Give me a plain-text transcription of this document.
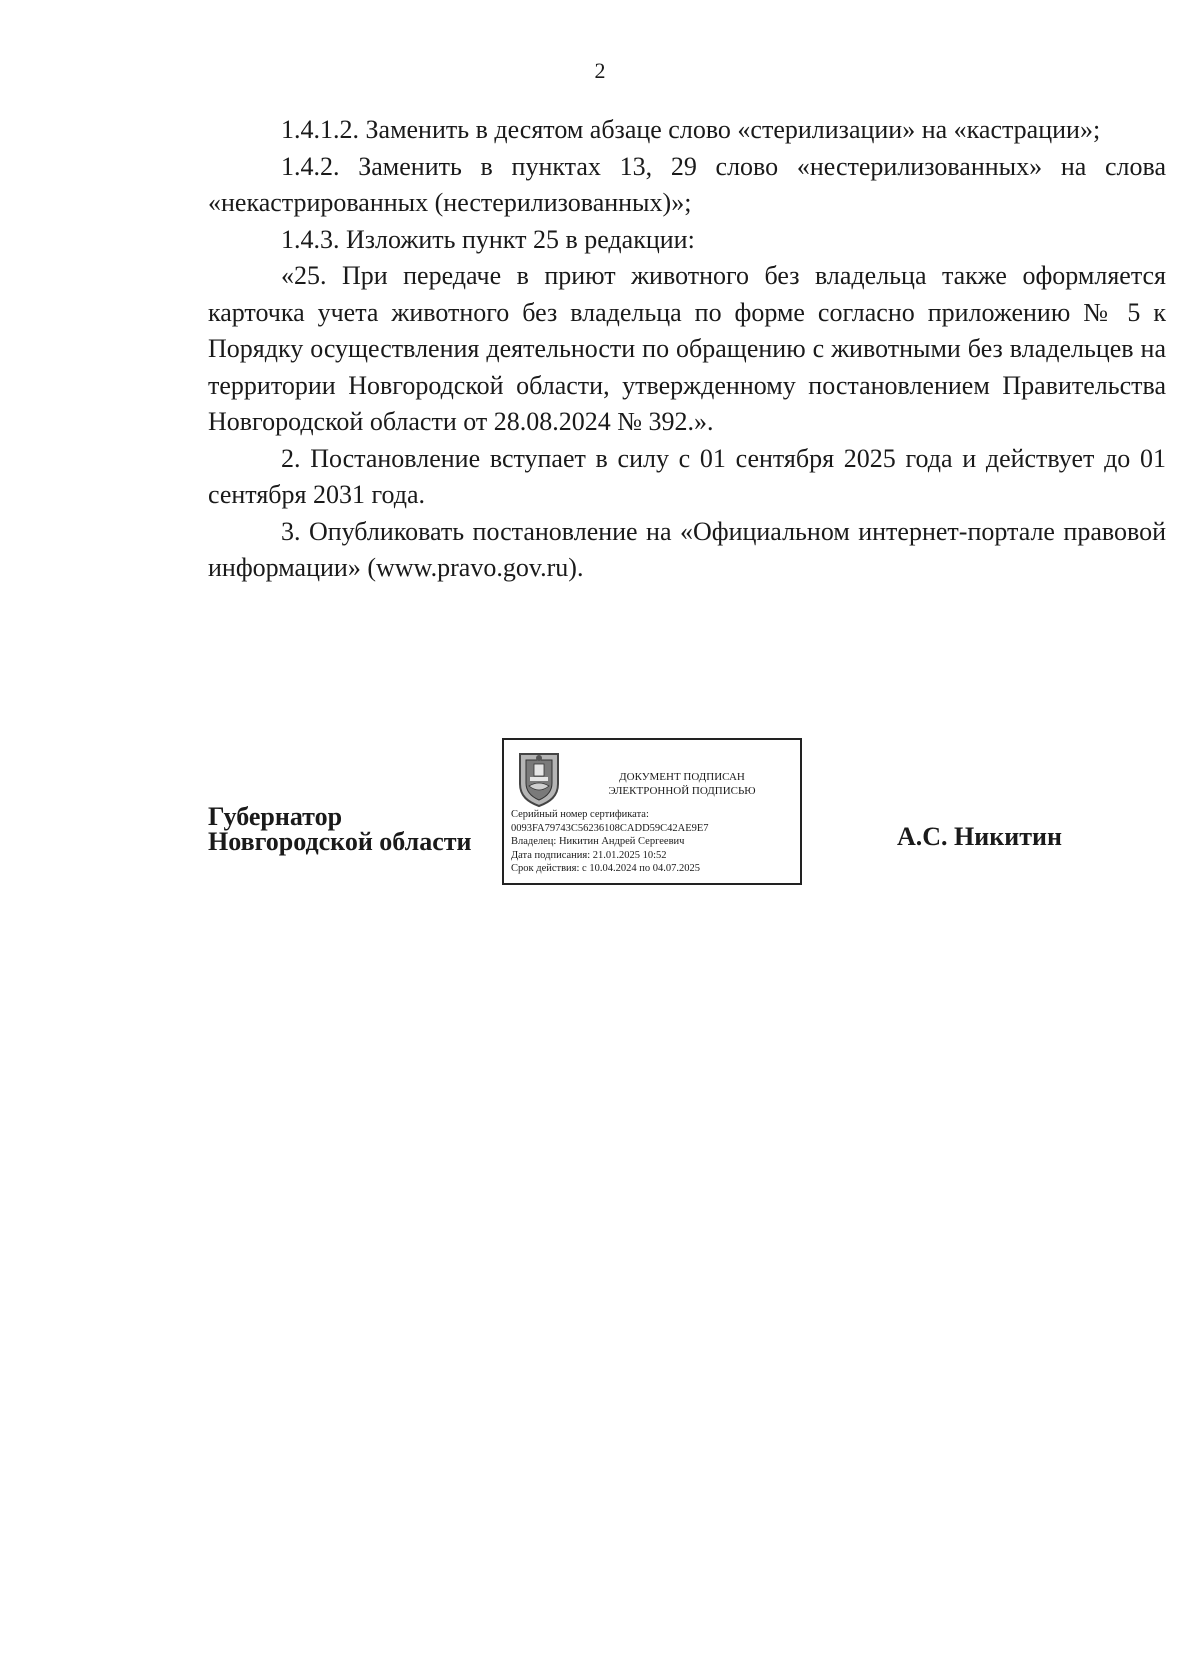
2

1.4.1.2. Заменить в десятом абзаце слово «стерилизации» на «кастрации»;

1.4.2. Заменить в пунктах 13, 29 слово «нестерилизованных» на слова «некастрированных (нестерилизованных)»;

1.4.3. Изложить пункт 25 в редакции:

«25. При передаче в приют животного без владельца также оформляется карточка учета животного без владельца по форме согласно приложению № 5 к Порядку осуществления деятельности по обращению с животными без владельцев на территории Новгородской области, утвержденному постановлением Правительства Новгородской области от 28.08.2024 № 392.».

2. Постановление вступает в силу с 01 сентября 2025 года и действует до 01 сентября 2031 года.

3. Опубликовать постановление на «Официальном интернет-портале правовой информации» (www.pravo.gov.ru).

Губернатор
Новгородской области
ДОКУМЕНТ ПОДПИСАН
ЭЛЕКТРОННОЙ ПОДПИСЬЮ
Серийный номер сертификата:
0093FA79743C56236108CADD59C42AE9E7
Владелец: Никитин Андрей Сергеевич
Дата подписания: 21.01.2025 10:52
Срок действия: с 10.04.2024 по 04.07.2025
А.С. Никитин
